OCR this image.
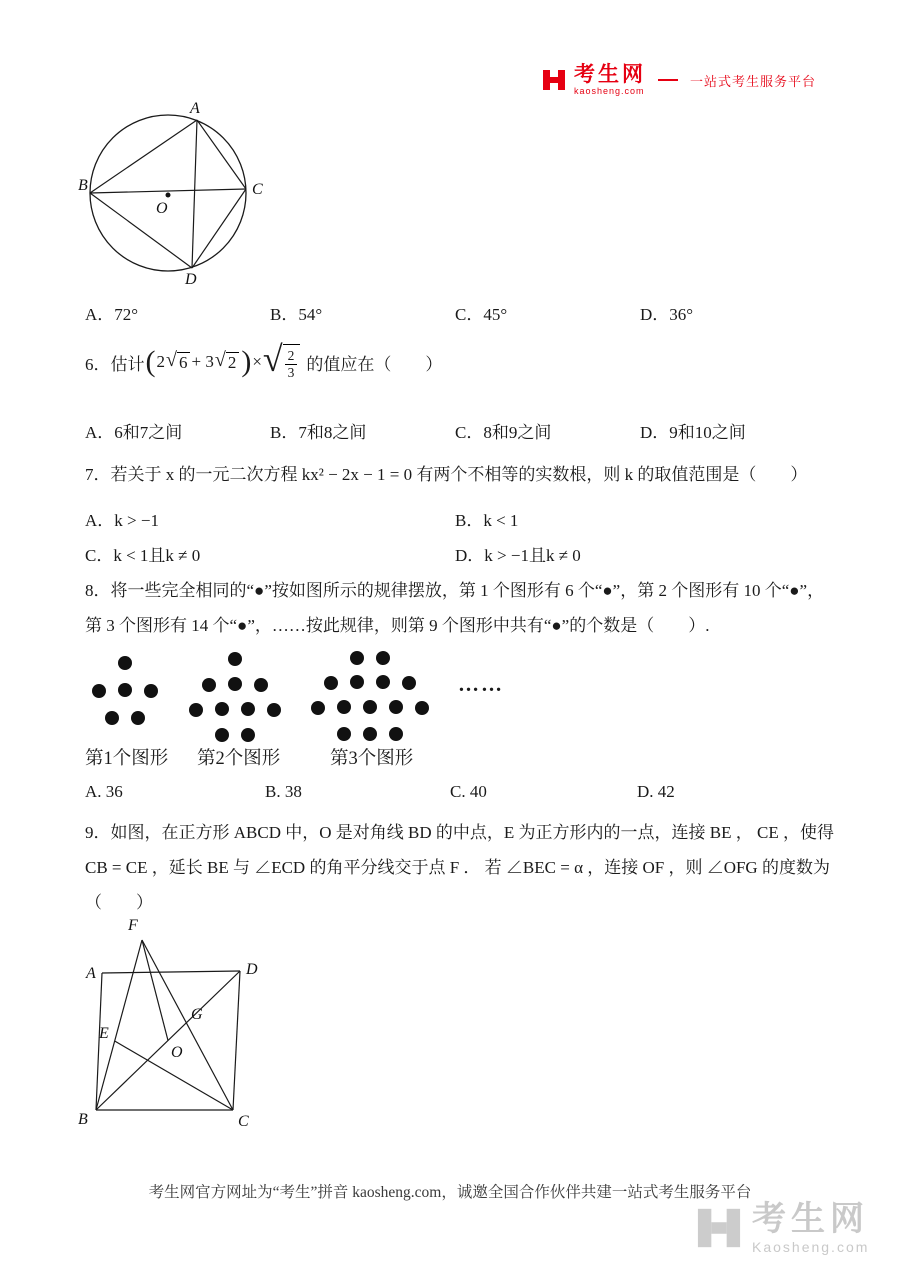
考生网
kaosheng.com
一站式考生服务平台
A
B	C
D
O
A．72°	B．54°	C．45°	D．36°
6．估计 ( 2 √ 6 + 3 √ 2 ) × √ $\frac{2}{3}$ 的值应在（　　）
A．6和7之间	B．7和8之间	C．8和9之间	D．9和10之间
7．若关于 x 的一元二次方程 kx² − 2x − 1 = 0 有两个不相等的实数根，则 k 的取值范围是（　　）
A．k > −1	B．k < 1
C．k < 1且k ≠ 0	D．k > −1且k ≠ 0
8．将一些完全相同的“●”按如图所示的规律摆放，第 1 个图形有 6 个“●”，第 2 个图形有 10 个“●”，
第 3 个图形有 14 个“●”，……按此规律，则第 9 个图形中共有“●”的个数是（　　）.
……
第1个图形 第2个图形	第3个图形
A. 36	B. 38	C. 40	D. 42
9．如图，在正方形 ABCD 中，O 是对角线 BD 的中点，E 为正方形内的一点，连接 BE ， CE ，使得
CB = CE ，延长 BE 与 ∠ECD 的角平分线交于点 F ． 若 ∠BEC = α ，连接 OF ，则 ∠OFG 的度数为
（　　）
A	D
B	C
F
E
O
G
考生网官方网址为“考生”拼音 kaosheng.com，诚邀全国合作伙伴共建一站式考生服务平台
考生网
Kaosheng.com
